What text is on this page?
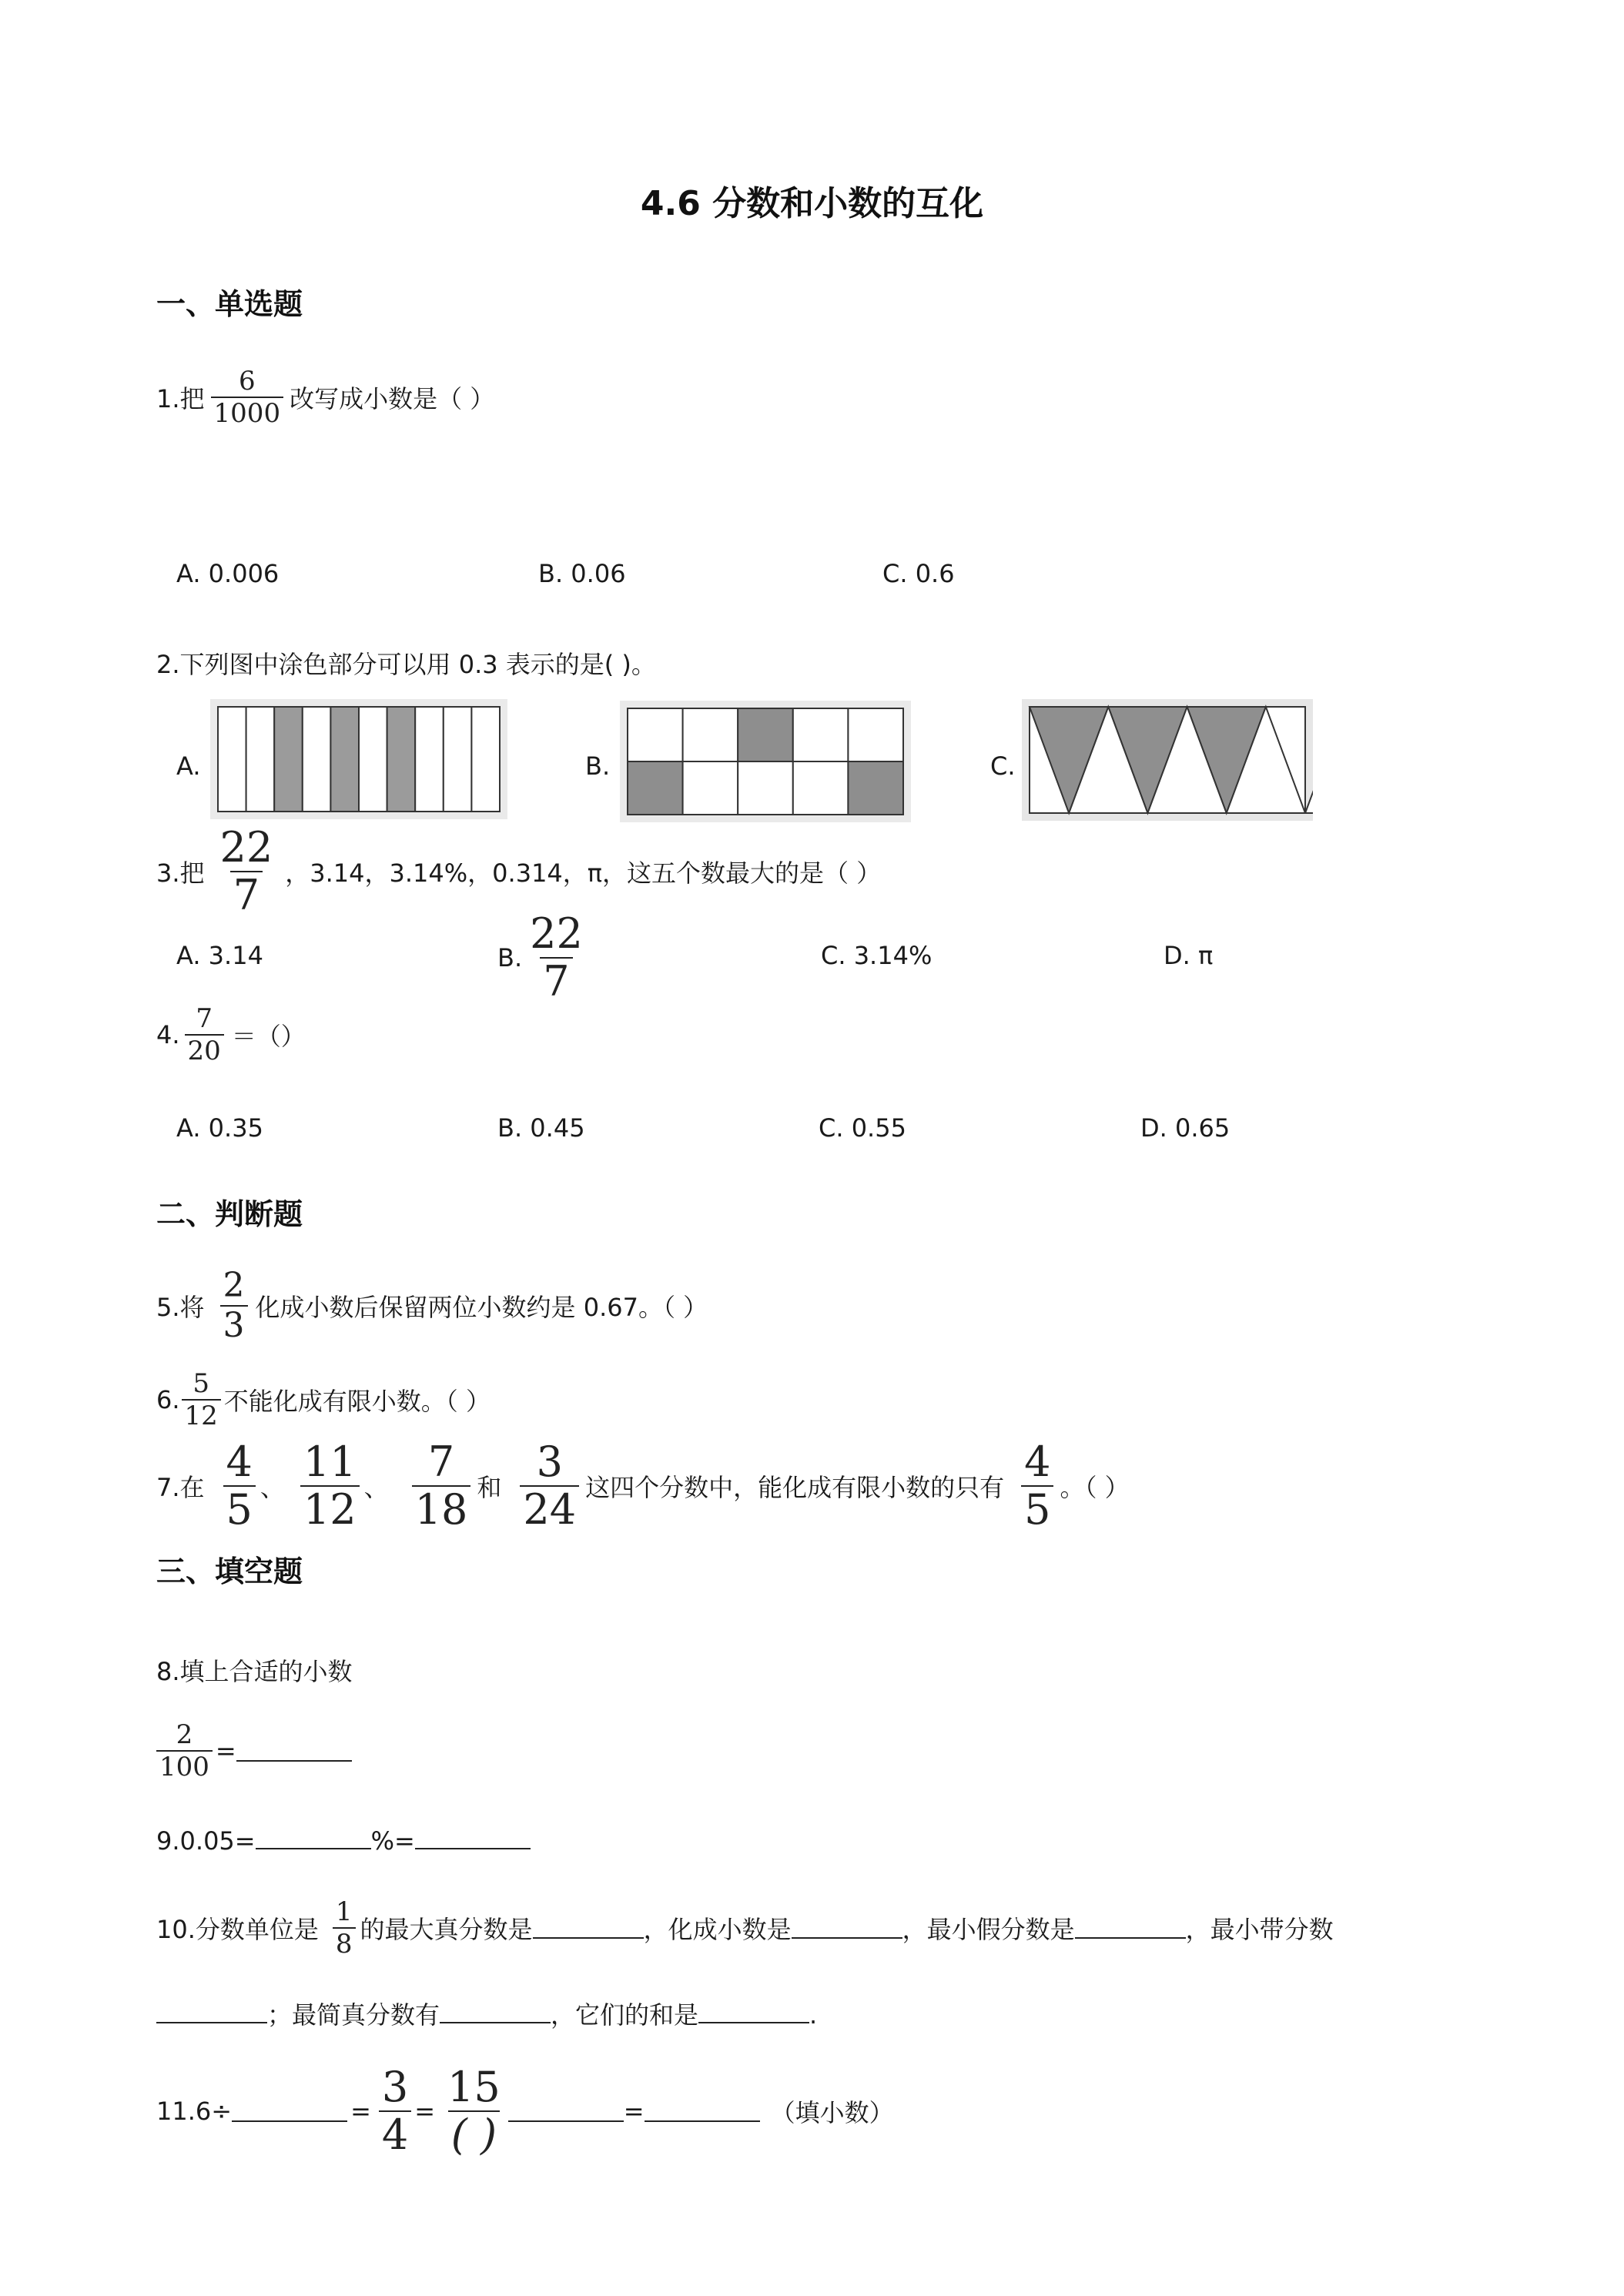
4.6 分数和小数的互化
一、单选题
1.把 $\frac{6}{1000}$ 改写成小数是（ ）
A. 0.006	B. 0.06	C. 0.6
2.下列图中涂色部分可以用 0.3 表示的是( )。
A.	B.	C.
3.把 $\frac{22}{7}$ ，3.14，3.14%，0.314，π，这五个数最大的是（ ）
A. 3.14	B. $\frac{22}{7}$	C. 3.14%	D. π
4. $\frac{7}{20}$ ＝（）
A. 0.35	B. 0.45	C. 0.55	D. 0.65
二、判断题
5.将 $\frac{2}{3}$ 化成小数后保留两位小数约是 0.67。（ ）
6. $\frac{5}{12}$ 不能化成有限小数。（ ）
7.在 $\frac{4}{5}$ 、 $\frac{11}{12}$ 、 $\frac{7}{18}$ 和 $\frac{3}{24}$ 这四个分数中，能化成有限小数的只有 $\frac{4}{5}$ 。（ ）
三、填空题
8.填上合适的小数
$\frac{2}{100}$ =
9.0.05=	%=
10.分数单位是 $\frac{1}{8}$ 的最大真分数是	，化成小数是	，最小假分数是	，最小带分数
；最简真分数有	，它们的和是	.
11.6÷	= $\frac{3}{4} = \frac{15}{( )}$	=	（填小数）
